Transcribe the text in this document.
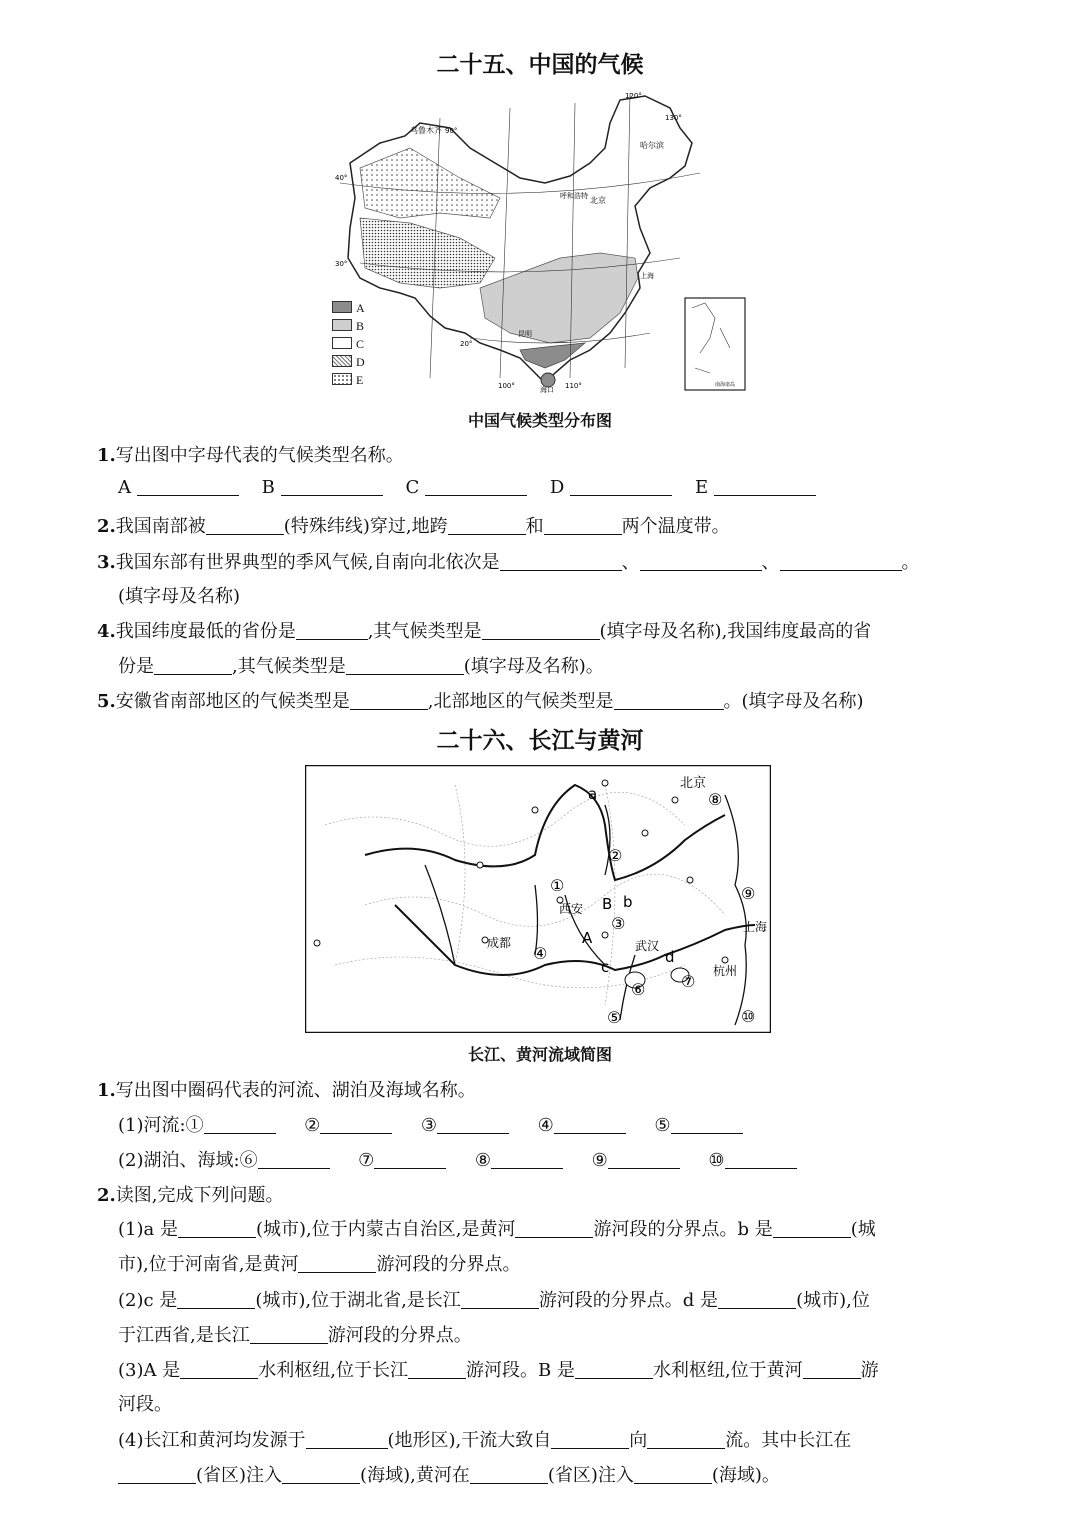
二十五、中国的气候
乌鲁木齐
哈尔滨
呼和浩特 北京
上海
昆明
海口
90°
100°	110°
120°
130°
40°
30°
20°
南海诸岛
A
B
C
D
E
中国气候类型分布图
1.写出图中字母代表的气候类型名称。
A	B	C	D	E
2.我国南部被	(特殊纬线)穿过,地跨	和	两个温度带。
3.我国东部有世界典型的季风气候,自南向北依次是	、	、	。
(填字母及名称)
4.我国纬度最低的省份是	,其气候类型是	(填字母及名称),我国纬度最高的省
份是	,其气候类型是	(填字母及名称)。
5.安徽省南部地区的气候类型是	,北部地区的气候类型是	。(填字母及名称)
二十六、长江与黄河
北京
西安
成都	武汉
上海
杭州
a
b
c
d
A
B
①
②
③
④
⑤
⑥ ⑦
⑧
⑨
⑩
长江、黄河流域简图
1.写出图中圈码代表的河流、湖泊及海域名称。
(1)河流:①	②	③	④	⑤
(2)湖泊、海域:⑥	⑦	⑧	⑨	⑩
2.读图,完成下列问题。
(1)a 是	(城市),位于内蒙古自治区,是黄河	游河段的分界点。b 是	(城
市),位于河南省,是黄河	游河段的分界点。
(2)c 是	(城市),位于湖北省,是长江	游河段的分界点。d 是	(城市),位
于江西省,是长江	游河段的分界点。
(3)A 是	水利枢纽,位于长江	游河段。B 是	水利枢纽,位于黄河	游
河段。
(4)长江和黄河均发源于	(地形区),干流大致自	向	流。其中长江在
(省区)注入	(海域),黄河在	(省区)注入	(海域)。
